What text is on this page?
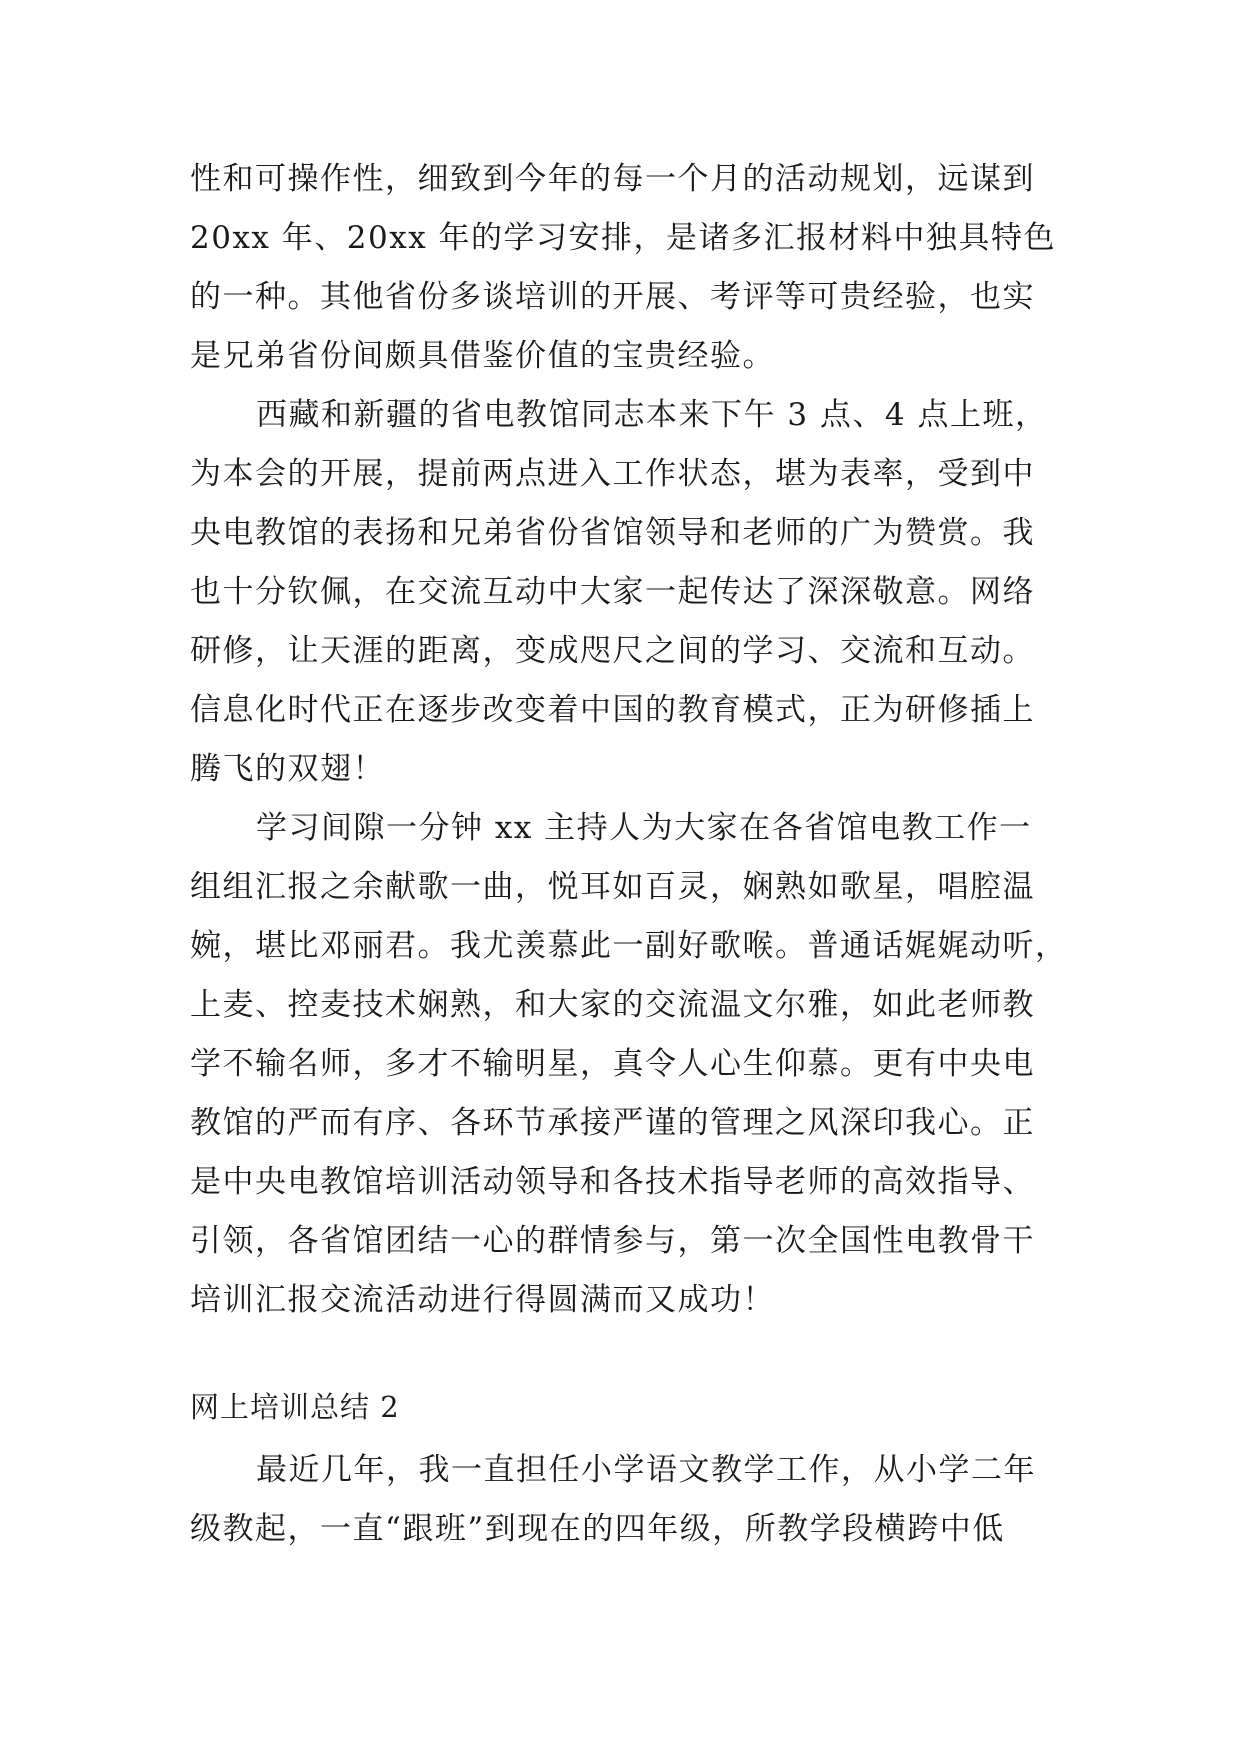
性和可操作性，细致到今年的每一个月的活动规划，远谋到
20xx 年、20xx 年的学习安排，是诸多汇报材料中独具特色
的一种。其他省份多谈培训的开展、考评等可贵经验，也实
是兄弟省份间颇具借鉴价值的宝贵经验。
西藏和新疆的省电教馆同志本来下午 3 点、4 点上班，
为本会的开展，提前两点进入工作状态，堪为表率，受到中
央电教馆的表扬和兄弟省份省馆领导和老师的广为赞赏。我
也十分钦佩，在交流互动中大家一起传达了深深敬意。网络
研修，让天涯的距离，变成咫尺之间的学习、交流和互动。
信息化时代正在逐步改变着中国的教育模式，正为研修插上
腾飞的双翅！
学习间隙一分钟 xx 主持人为大家在各省馆电教工作一
组组汇报之余献歌一曲，悦耳如百灵，娴熟如歌星，唱腔温
婉，堪比邓丽君。我尤羡慕此一副好歌喉。普通话娓娓动听，
上麦、控麦技术娴熟，和大家的交流温文尔雅，如此老师教
学不输名师，多才不输明星，真令人心生仰慕。更有中央电
教馆的严而有序、各环节承接严谨的管理之风深印我心。正
是中央电教馆培训活动领导和各技术指导老师的高效指导、
引领，各省馆团结一心的群情参与，第一次全国性电教骨干
培训汇报交流活动进行得圆满而又成功！
网上培训总结 2
最近几年，我一直担任小学语文教学工作，从小学二年
级教起，一直“跟班”到现在的四年级，所教学段横跨中低
